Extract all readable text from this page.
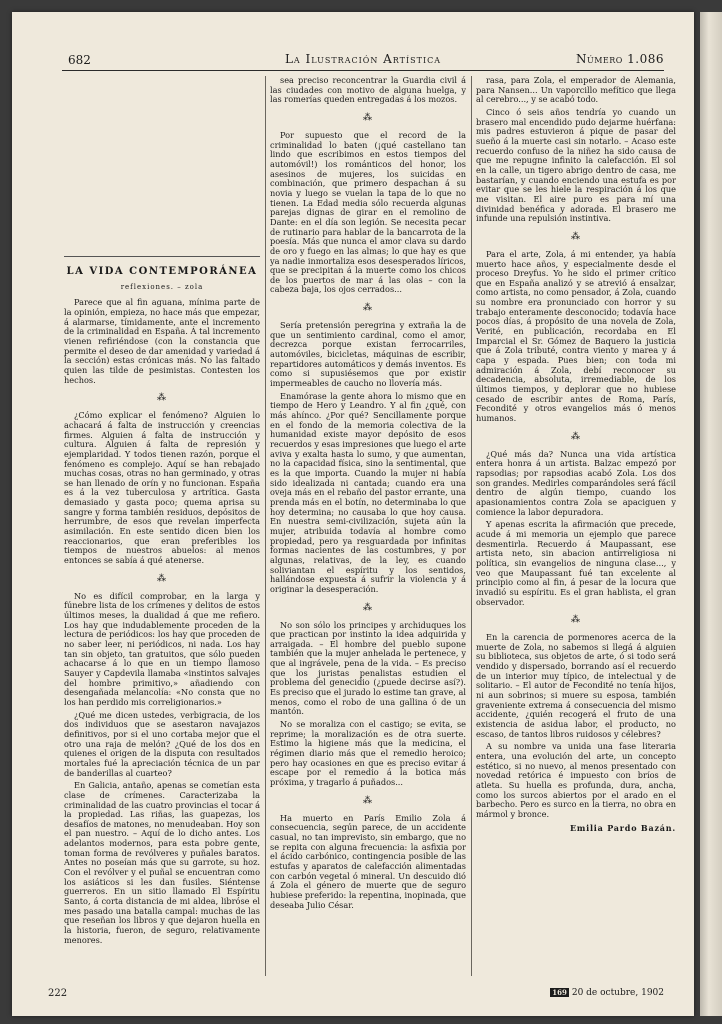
682	La Ilustración Artística	Número 1.086
LA VIDA CONTEMPORÁNEA
reflexiones. – zola

Parece que al fin aguana, mínima parte de la opinión, empieza, no hace más que empezar, á alarmarse, tímidamente, ante el incremento de la criminalidad en España. Á tal incremento vienen refiriéndose (con la constancia que permite el deseo de dar amenidad y variedad á la sección) estas crónicas más. No las faltado quien las tilde de pesimistas. Contesten los hechos.

⁂

¿Cómo explicar el fenómeno? Alguien lo achacará á falta de instrucción y creencias firmes. Alguien á falta de instrucción y cultura. Alguien á falta de represión y ejemplaridad. Y todos tienen razón, porque el fenómeno es complejo. Aquí se han rebajado muchas cosas, otras no han germinado, y otras se han llenado de orín y no funcionan. España es á la vez tuberculosa y artrítica. Gasta demasiado y gasta poco; quema aprisa su sangre y forma también residuos, depósitos de herrumbre, de esos que revelan imperfecta asimilación. En este sentido dicen bien los reaccionarios, que eran preferibles los tiempos de nuestros abuelos: al menos entonces se sabía á qué atenerse.

⁂

No es difícil comprobar, en la larga y fúnebre lista de los crímenes y delitos de estos últimos meses, la dualidad á que me refiero. Los hay que indudablemente proceden de la lectura de periódicos: los hay que proceden de no saber leer, ni periódicos, ni nada. Los hay tan sin objeto, tan gratuitos, que sólo pueden achacarse á lo que en un tiempo llamoso Sauyer y Capdevila llamaba «instintos salvajes del hombre primitivo,» añadiendo con desengañada melancolía: «No consta que no los han perdido mis correligionarios.»

¿Qué me dicen ustedes, verbigracia, de los dos individuos que se asestaron navajazos definitivos, por si el uno cortaba mejor que el otro una raja de melón? ¿Qué de los dos en quienes el origen de la disputa con resultados mortales fué la apreciación técnica de un par de banderillas al cuarteo?

En Galicia, antaño, apenas se cometían esta clase de crímenes. Caracterizaba la criminalidad de las cuatro provincias el tocar á la propiedad. Las riñas, las guapezas, los desafíos de matones, no menudeaban. Hoy son el pan nuestro. – Aquí de lo dicho antes. Los adelantos modernos, para esta pobre gente, toman forma de revólveres y puñales baratos. Antes no poseían más que su garrote, su hoz. Con el revólver y el puñal se encuentran como los asiáticos si les dan fusiles. Siéntense guerreros. En un sitio llamado El Espíritu Santo, á corta distancia de mi aldea, libróse el mes pasado una batalla campal: muchas de las que reseñan los libros y que dejaron huella en la historia, fueron, de seguro, relativamente menores.

sea preciso reconcentrar la Guardia civil á las ciudades con motivo de alguna huelga, y las romerías queden entregadas á los mozos.

⁂

Por supuesto que el record de la criminalidad lo baten (¡qué castellano tan lindo que escribimos en estos tiempos del automóvil!) los románticos del honor, los asesinos de mujeres, los suicidas en combinación, que primero despachan á su novia y luego se vuelan la tapa de lo que no tienen. La Edad media sólo recuerda algunas parejas dignas de girar en el remolino de Dante: en el día son legión. Se necesita pecar de rutinario para hablar de la bancarrota de la poesía. Más que nunca el amor clava su dardo de oro y fuego en las almas; lo que hay es que ya nadie inmortaliza esos desesperados líricos, que se precipitan á la muerte como los chicos de los puertos de mar á las olas – con la cabeza baja, los ojos cerrados...

⁂

Sería pretensión peregrina y extraña la de que un sentimiento cardinal, como el amor, decrezca porque existan ferrocarriles, automóviles, bicicletas, máquinas de escribir, repartidores automáticos y demás inventos. Es como si supusiésemos que por existir impermeables de caucho no llovería más.

Enamórase la gente ahora lo mismo que en tiempo de Hero y Leandro. Y al fin ¿qué, con más ahínco. ¿Por qué? Sencillamente porque en el fondo de la memoria colectiva de la humanidad existe mayor depósito de esos recuerdos y esas impresiones que luego el arte aviva y exalta hasta lo sumo, y que aumentan, no la capacidad física, sino la sentimental, que es la que importa. Cuando la mujer ni había sido idealizada ni cantada; cuando era una oveja más en el rebaño del pastor errante, una prenda más en el botín, no determinaba lo que hoy determina; no causaba lo que hoy causa. En nuestra semi-civilización, sujeta aún la mujer, atribuida todavía al hombre como propiedad, pero ya resguardada por infinitas formas nacientes de las costumbres, y por algunas, relativas, de la ley, es cuando soliviantan el espíritu y los sentidos, hallándose expuesta á sufrir la violencia y á originar la desesperación.

⁂

No son sólo los principes y archiduques los que practican por instinto la idea adquirida y arraigada. – El hombre del pueblo supone también que la mujer anhelada le pertenece, y que al ingrávele, pena de la vida. – Es preciso que los juristas penalistas estudien el problema del genecidio (¿puede decirse así?). Es preciso que el jurado lo estime tan grave, al menos, como el robo de una gallina ó de un mantón.

No se moraliza con el castigo; se evita, se reprime; la moralización es de otra suerte. Estimo la higiene más que la medicina, el régimen diario más que el remedio heroico; pero hay ocasiones en que es preciso evitar á escape por el remedio á la botica más próxima, y tragarlo á puñados...

⁂

Ha muerto en París Emilio Zola á consecuencia, según parece, de un accidente casual, no tan imprevisto, sin embargo, que no se repita con alguna frecuencia: la asfixia por el ácido carbónico, contingencia posible de las estufas y aparatos de calefacción alimentadas con carbón vegetal ó mineral. Un descuido dió á Zola el género de muerte que de seguro hubiese preferido: la repentina, inopinada, que deseaba Julio César.

rasa, para Zola, el emperador de Alemania, para Nansen... Un vaporcillo mefítico que llega al cerebro..., y se acabó todo.

Cinco ó seis años tendría yo cuando un brasero mal encendido pudo dejarme huérfana: mis padres estuvieron á pique de pasar del sueño á la muerte casi sin notarlo. – Acaso este recuerdo confuso de la niñez ha sido causa de que me repugne infinito la calefacción. El sol en la calle, un tigero abrigo dentro de casa, me bastarían, y cuando enciendo una estufa es por evitar que se les hiele la respiración á los que me visitan. El aire puro es para mí una divinidad benéfica y adorada. El brasero me infunde una repulsión instintiva.

⁂

Para el arte, Zola, á mi entender, ya había muerto hace años, y especialmente desde el proceso Dreyfus. Yo he sido el primer crítico que en España analizó y se atrevió á ensalzar, como artista, no como pensador, á Zola, cuando su nombre era pronunciado con horror y su trabajo enteramente desconocido; todavía hace pocos días, á propósito de una novela de Zola, Verité, en publicación, recordaba en El Imparcial el Sr. Gómez de Baquero la justicia que á Zola tributé, contra viento y marea y á capa y espada. Pues bien; con toda mi admiración á Zola, debí reconocer su decadencia, absoluta, irremediable, de los últimos tiempos, y deplorar que no hubiese cesado de escribir antes de Roma, París, Fecondité y otros evangelios más ó menos humanos.

⁂

¿Qué más da? Nunca una vida artística entera honra á un artista. Balzac empezó por rapsodias; por rapsodias acabó Zola. Los dos son grandes. Medirles comparándoles será fácil dentro de algún tiempo, cuando los apasionamientos contra Zola se apaciguen y comience la labor depuradora.

Y apenas escrita la afirmación que precede, acude á mi memoria un ejemplo que parece desmentirla. Recuerdo á Maupassant, ese artista neto, sin abacion antirreligiosa ni política, sin evangelios de ninguna clase..., y veo que Maupassant fué tan excelente al principio como al fin, á pesar de la locura que invadió su espíritu. Es el gran hablista, el gran observador.

⁂

En la carencia de pormenores acerca de la muerte de Zola, no sabemos si llegá á alguien su biblioteca, sus objetos de arte, ó si todo será vendido y dispersado, borrando así el recuerdo de un interior muy típico, de intelectual y de solitario. – El autor de Fecondité no tenía hijos, ni aun sobrinos; si muere su esposa, también graveniente extrema á consecuencia del mismo accidente, ¿quién recogerá el fruto de una existencia de asidua labor, el producto, no escaso, de tantos libros ruidosos y célebres?

A su nombre va unida una fase literaria entera, una evolución del arte, un concepto estético, si no nuevo, al menos presentado con novedad retórica é impuesto con bríos de atleta. Su huella es profunda, dura, ancha, como los surcos abiertos por el arado en el barbecho. Pero es surco en la tierra, no obra en mármol y bronce.

Emilia Pardo Bazán.
222	169 20 de octubre, 1902
